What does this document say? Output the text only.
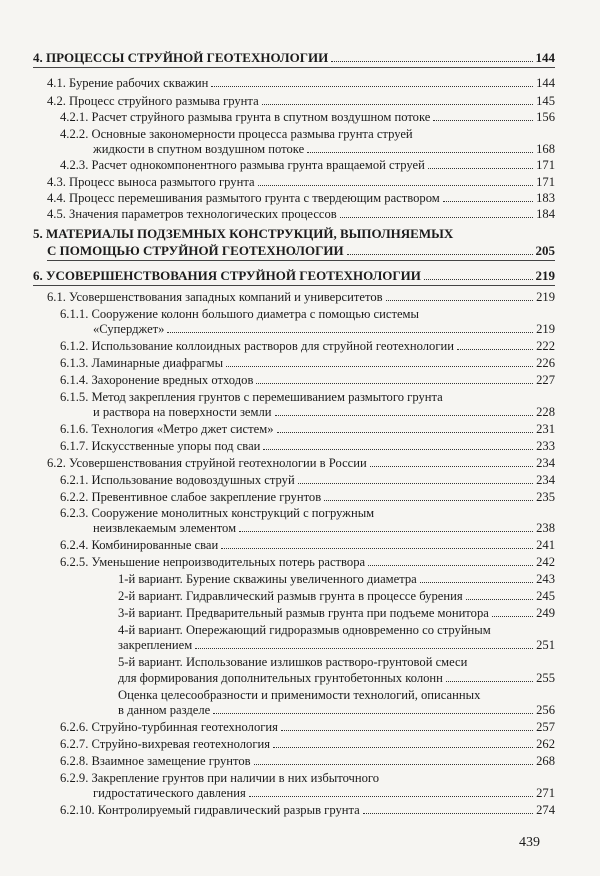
4. ПРОЦЕССЫ СТРУЙНОЙ ГЕОТЕХНОЛОГИИ	144
4.1. Бурение рабочих скважин	144
4.2. Процесс струйного размыва грунта	145
4.2.1. Расчет струйного размыва грунта в спутном воздушном потоке	156
4.2.2. Основные закономерности процесса размыва грунта струей
жидкости в спутном воздушном потоке	168
4.2.3. Расчет однокомпонентного размыва грунта вращаемой струей	171
4.3. Процесс выноса размытого грунта	171
4.4. Процесс перемешивания размытого грунта с твердеющим раствором	183
4.5. Значения параметров технологических процессов	184
5. МАТЕРИАЛЫ ПОДЗЕМНЫХ КОНСТРУКЦИЙ, ВЫПОЛНЯЕМЫХ
С ПОМОЩЬЮ СТРУЙНОЙ ГЕОТЕХНОЛОГИИ	205
6. УСОВЕРШЕНСТВОВАНИЯ СТРУЙНОЙ ГЕОТЕХНОЛОГИИ	219
6.1. Усовершенствования западных компаний и университетов	219
6.1.1. Сооружение колонн большого диаметра с помощью системы
«Суперджет»	219
6.1.2. Использование коллоидных растворов для струйной геотехнологии	222
6.1.3. Ламинарные диафрагмы	226
6.1.4. Захоронение вредных отходов	227
6.1.5. Метод закрепления грунтов с перемешиванием размытого грунта
и раствора на поверхности земли	228
6.1.6. Технология «Метро джет систем»	231
6.1.7. Искусственные упоры под сваи	233
6.2. Усовершенствования струйной геотехнологии в России	234
6.2.1. Использование водовоздушных струй	234
6.2.2. Превентивное слабое закрепление грунтов	235
6.2.3. Сооружение монолитных конструкций с погружным
неизвлекаемым элементом	238
6.2.4. Комбинированные сваи	241
6.2.5. Уменьшение непроизводительных потерь раствора	242
1-й вариант. Бурение скважины увеличенного диаметра	243
2-й вариант. Гидравлический размыв грунта в процессе бурения	245
3-й вариант. Предварительный размыв грунта при подъеме монитора	249
4-й вариант. Опережающий гидроразмыв одновременно со струйным
закреплением	251
5-й вариант. Использование излишков растворо-грунтовой смеси
для формирования дополнительных грунтобетонных колонн	255
Оценка целесообразности и применимости технологий, описанных
в данном разделе	256
6.2.6. Струйно-турбинная геотехнология	257
6.2.7. Струйно-вихревая геотехнология	262
6.2.8. Взаимное замещение грунтов	268
6.2.9. Закрепление грунтов при наличии в них избыточного
гидростатического давления	271
6.2.10. Контролируемый гидравлический разрыв грунта	274
439
